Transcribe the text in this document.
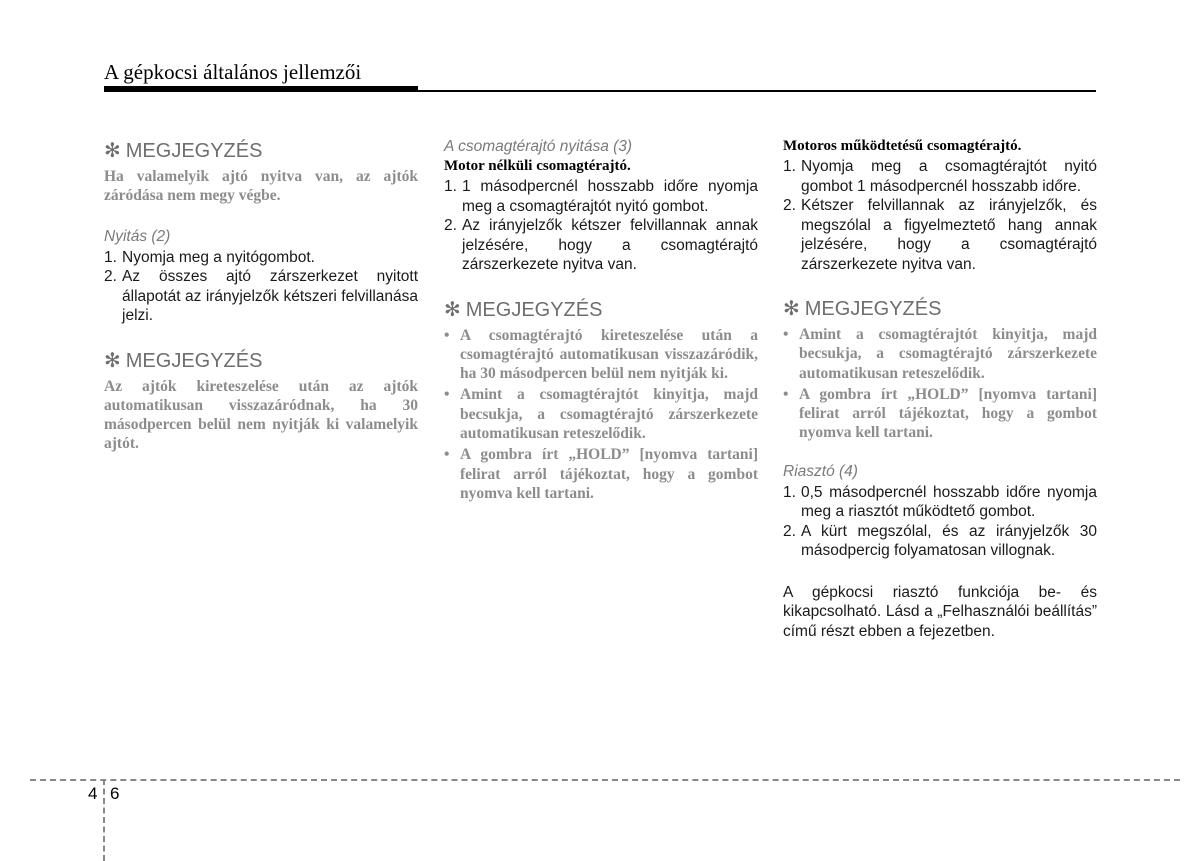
A gépkocsi általános jellemzői
✻ MEGJEGYZÉS
Ha valamelyik ajtó nyitva van, az ajtók záródása nem megy végbe.
Nyitás (2)
1. Nyomja meg a nyitógombot.
2. Az összes ajtó zárszerkezet nyitott állapotát az irányjelzők kétszeri felvillanása jelzi.
✻ MEGJEGYZÉS
Az ajtók kireteszelése után az ajtók automatikusan visszazáródnak, ha 30 másodpercen belül nem nyitják ki valamelyik ajtót.
A csomagtérajtó nyitása (3)
Motor nélküli csomagtérajtó.
1. 1 másodpercnél hosszabb időre nyomja meg a csomagtérajtót nyitó gombot.
2. Az irányjelzők kétszer felvillannak annak jelzésére, hogy a csomagtérajtó zárszerkezete nyitva van.
✻ MEGJEGYZÉS
• A csomagtérajtó kireteszelése után a csomagtérajtó automatikusan visszazáródik, ha 30 másodpercen belül nem nyitják ki.
• Amint a csomagtérajtót kinyitja, majd becsukja, a csomagtérajtó zárszerkezete automatikusan reteszelődik.
• A gombra írt „HOLD” [nyomva tartani] felirat arról tájékoztat, hogy a gombot nyomva kell tartani.
Motoros működtetésű csomagtérajtó.
1. Nyomja meg a csomagtérajtót nyitó gombot 1 másodpercnél hosszabb időre.
2. Kétszer felvillannak az irányjelzők, és megszólal a figyelmeztető hang annak jelzésére, hogy a csomagtérajtó zárszerkezete nyitva van.
✻ MEGJEGYZÉS
• Amint a csomagtérajtót kinyitja, majd becsukja, a csomagtérajtó zárszerkezete automatikusan reteszelődik.
• A gombra írt „HOLD” [nyomva tartani] felirat arról tájékoztat, hogy a gombot nyomva kell tartani.
Riasztó (4)
1. 0,5 másodpercnél hosszabb időre nyomja meg a riasztót működtető gombot.
2. A kürt megszólal, és az irányjelzők 30 másodpercig folyamatosan villognak.
A gépkocsi riasztó funkciója be- és kikapcsolható. Lásd a „Felhasználói beállítás” című részt ebben a fejezetben.
4 6
